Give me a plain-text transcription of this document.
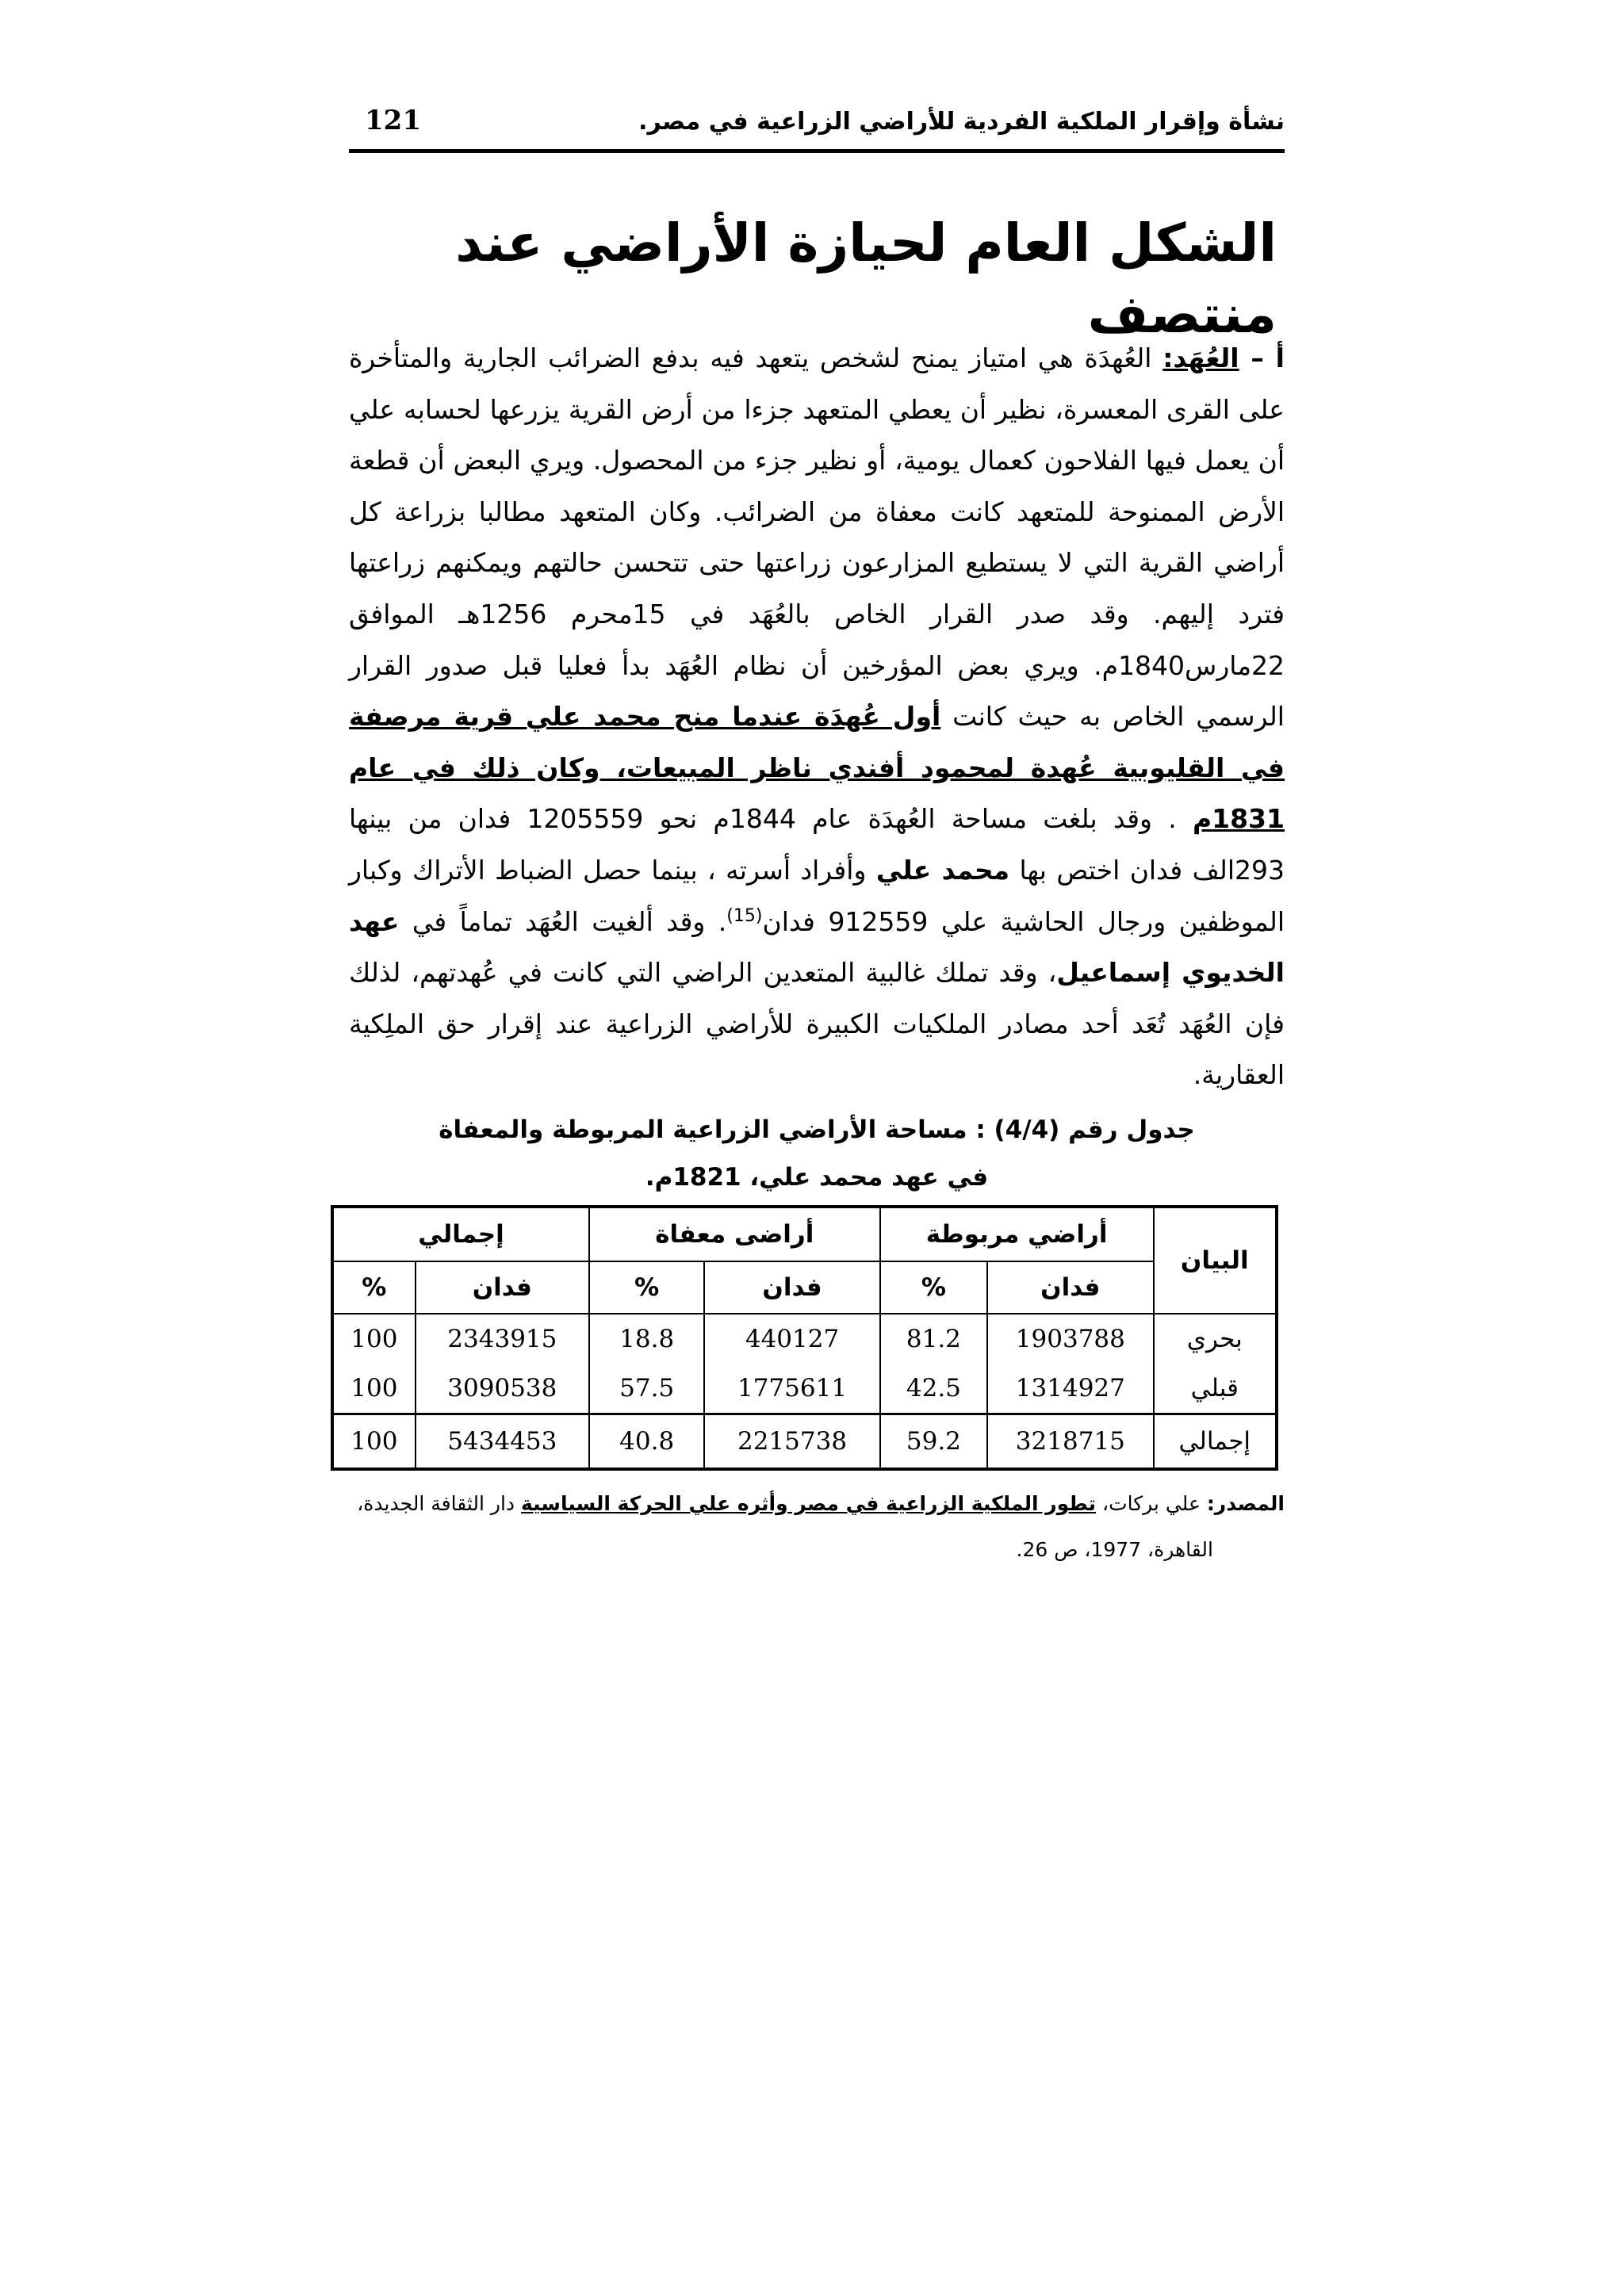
نشأة وإقرار الملكية الفردية للأراضي الزراعية في مصر.
121
الشكل العام لحيازة الأراضي عند منتصف
أ – العُهَد: العُهدَة هي امتياز يمنح لشخص يتعهد فيه بدفع الضرائب الجارية والمتأخرة على القرى المعسرة، نظير أن يعطي المتعهد جزءا من أرض القرية يزرعها لحسابه علي أن يعمل فيها الفلاحون كعمال يومية، أو نظير جزء من المحصول. ويري البعض أن قطعة الأرض الممنوحة للمتعهد كانت معفاة من الضرائب. وكان المتعهد مطالبا بزراعة كل أراضي القرية التي لا يستطيع المزارعون زراعتها حتى تتحسن حالتهم ويمكنهم زراعتها فترد إليهم. وقد صدر القرار الخاص بالعُهَد في 15محرم 1256هـ الموافق 22مارس1840م. ويري بعض المؤرخين أن نظام العُهَد بدأ فعليا قبل صدور القرار الرسمي الخاص به حيث كانت أول عُهدَة عندما منح محمد علي قرية مرصفة في القليوبية عُهدة لمحمود أفندي ناظر المبيعات، وكان ذلك في عام 1831م . وقد بلغت مساحة العُهدَة عام 1844م نحو 1205559 فدان من بينها 293الف فدان اختص بها محمد علي وأفراد أسرته ، بينما حصل الضباط الأتراك وكبار الموظفين ورجال الحاشية علي 912559 فدان$^{(15)}$. وقد ألغيت العُهَد تماماً في عهد الخديوي إسماعيل، وقد تملك غالبية المتعدين الراضي التي كانت في عُهدتهم، لذلك فإن العُهَد تُعَد أحد مصادر الملكيات الكبيرة للأراضي الزراعية عند إقرار حق الملِكية العقارية.
جدول رقم (4/4) : مساحة الأراضي الزراعية المربوطة والمعفاة
في عهد محمد علي، 1821م.
البيان	أراضي مربوطة		أراضى معفاة		إجمالي	
	فدان	%	فدان	%	فدان	%
بحري	1903788	81.2	440127	18.8	2343915	100
قبلي	1314927	42.5	1775611	57.5	3090538	100
إجمالي	3218715	59.2	2215738	40.8	5434453	100
المصدر: علي بركات، تطور الملكية الزراعية في مصر وأثره علي الحركة السياسية دار الثقافة الجديدة،
القاهرة، 1977، ص 26.
